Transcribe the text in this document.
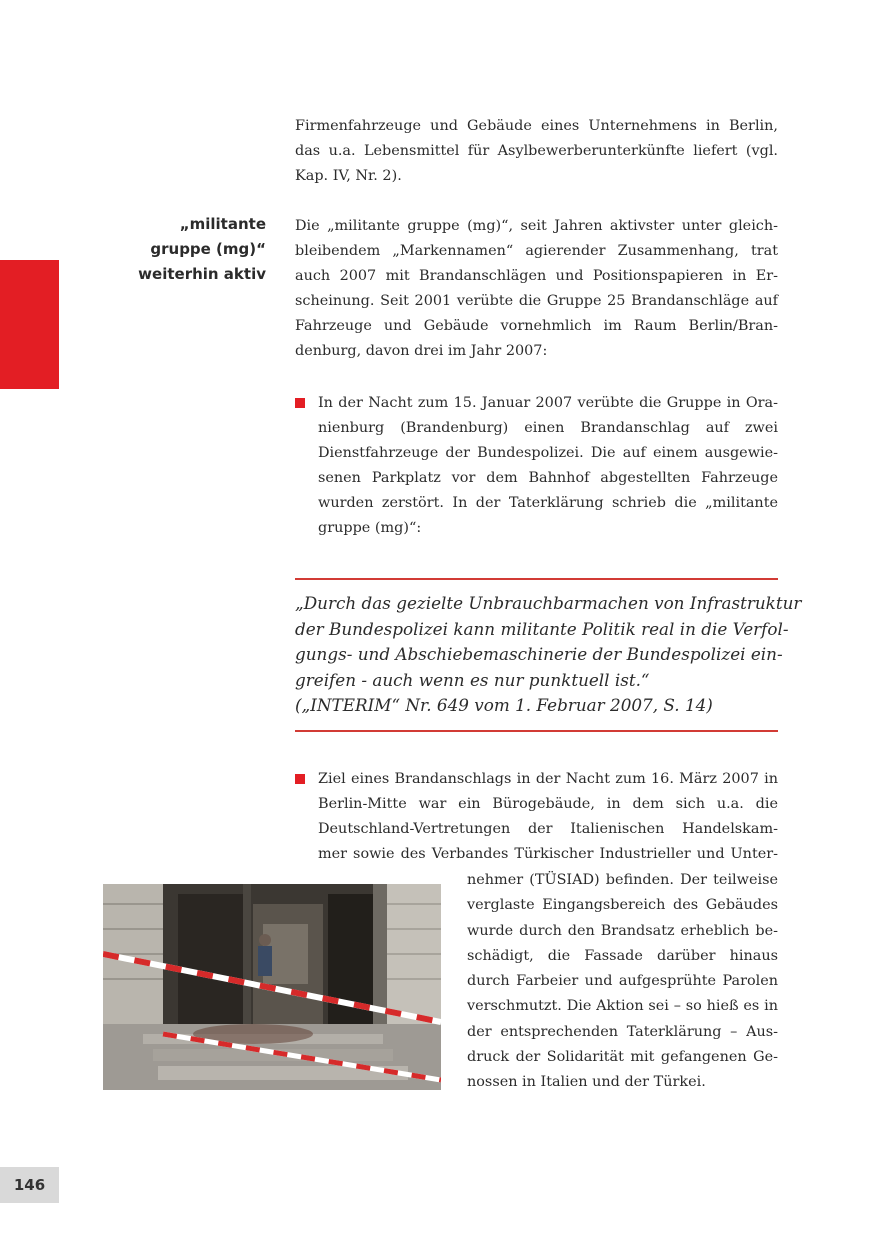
Firmenfahrzeuge und Gebäude eines Unternehmens in Berlin,
das u.a. Lebensmittel für Asylbewerberunterkünfte liefert (vgl.
Kap. IV, Nr. 2).
„militante
gruppe (mg)“
weiterhin aktiv
Die „militante gruppe (mg)“, seit Jahren aktivster unter gleich-
bleibendem „Markennamen“ agierender Zusammenhang, trat
auch 2007 mit Brandanschlägen und Positionspapieren in Er-
scheinung. Seit 2001 verübte die Gruppe 25 Brandanschläge auf
Fahrzeuge und Gebäude vornehmlich im Raum Berlin/Bran-
denburg, davon drei im Jahr 2007:
In der Nacht zum 15. Januar 2007 verübte die Gruppe in Ora-
nienburg (Brandenburg) einen Brandanschlag auf zwei
Dienstfahrzeuge der Bundespolizei. Die auf einem ausgewie-
senen Parkplatz vor dem Bahnhof abgestellten Fahrzeuge
wurden zerstört. In der Taterklärung schrieb die „militante
gruppe (mg)“:
„Durch das gezielte Unbrauchbarmachen von Infrastruktur
der Bundespolizei kann militante Politik real in die Verfol-
gungs- und Abschiebemaschinerie der Bundespolizei ein-
greifen - auch wenn es nur punktuell ist.“
(„INTERIM“ Nr. 649 vom 1. Februar 2007, S. 14)
Ziel eines Brandanschlags in der Nacht zum 16. März 2007 in
Berlin-Mitte war ein Bürogebäude, in dem sich u.a. die
Deutschland-Vertretungen der Italienischen Handelskam-
mer sowie des Verbandes Türkischer Industrieller und Unter-
nehmer (TÜSIAD) befinden. Der teilweise
verglaste Eingangsbereich des Gebäudes
wurde durch den Brandsatz erheblich be-
schädigt, die Fassade darüber hinaus
durch Farbeier und aufgesprühte Parolen
verschmutzt. Die Aktion sei – so hieß es in
der entsprechenden Taterklärung – Aus-
druck der Solidarität mit gefangenen Ge-
nossen in Italien und der Türkei.
146
